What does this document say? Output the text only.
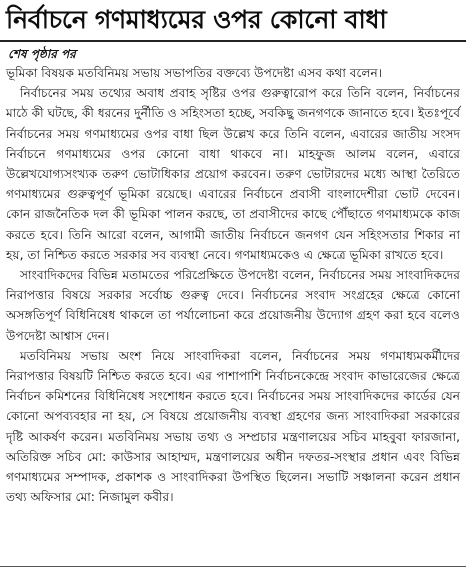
নির্বাচনে গণমাধ্যমের ওপর কোনো বাধা
শেষ পৃষ্ঠার পর

ভূমিকা বিষয়ক মতবিনিময় সভায় সভাপতির বক্তব্যে উপদেষ্টা এসব কথা বলেন।

নির্বাচনের সময় তথ্যের অবাধ প্রবাহ সৃষ্টির ওপর গুরুত্বারোপ করে তিনি বলেন, নির্বাচনের মাঠে কী ঘটছে, কী ধরনের দুর্নীতি ও সহিংসতা হচ্ছে, সবকিছু জনগণকে জানাতে হবে। ইতঃপূর্বে নির্বাচনের সময় গণমাধ্যমের ওপর বাধা ছিল উল্লেখ করে তিনি বলেন, এবারের জাতীয় সংসদ নির্বাচনে গণমাধ্যমের ওপর কোনো বাধা থাকবে না। মাহফুজ আলম বলেন, এবারে উল্লেখযোগ্যসংখ্যক তরুণ ভোটাধিকার প্রয়োগ করবেন। তরুণ ভোটারদের মধ্যে আস্থা তৈরিতে গণমাধ্যমের গুরুত্বপূর্ণ ভূমিকা রয়েছে। এবারের নির্বাচনে প্রবাসী বাংলাদেশীরা ভোট দেবেন। কোন রাজনৈতিক দল কী ভূমিকা পালন করছে, তা প্রবাসীদের কাছে পৌঁছাতে গণমাধ্যমকে কাজ করতে হবে। তিনি আরো বলেন, আগামী জাতীয় নির্বাচনে জনগণ যেন সহিংসতার শিকার না হয়, তা নিশ্চিত করতে সরকার সব ব্যবস্থা নেবে। গণমাধ্যমকেও এ ক্ষেত্রে ভূমিকা রাখতে হবে।

সাংবাদিকদের বিভিন্ন মতামতের পরিপ্রেক্ষিতে উপদেষ্টা বলেন, নির্বাচনের সময় সাংবাদিকদের নিরাপত্তার বিষয়ে সরকার সর্বোচ্চ গুরুত্ব দেবে। নির্বাচনের সংবাদ সংগ্রহের ক্ষেত্রে কোনো অসঙ্গতিপূর্ণ বিধিনিষেধ থাকলে তা পর্যালোচনা করে প্রয়োজনীয় উদ্যোগ গ্রহণ করা হবে বলেও উপদেষ্টা আশ্বাস দেন।

মতবিনিময় সভায় অংশ নিয়ে সাংবাদিকরা বলেন, নির্বাচনের সময় গণমাধ্যমকর্মীদের নিরাপত্তার বিষয়টি নিশ্চিত করতে হবে। এর পাশাপাশি নির্বাচনকেন্দ্রে সংবাদ কাভারেজের ক্ষেত্রে নির্বাচন কমিশনের বিধিনিষেধ সংশোধন করতে হবে। নির্বাচনের সময় সাংবাদিকদের কার্ডের যেন কোনো অপব্যবহার না হয়, সে বিষয়ে প্রয়োজনীয় ব্যবস্থা গ্রহণের জন্য সাংবাদিকরা সরকারের দৃষ্টি আকর্ষণ করেন। মতবিনিময় সভায় তথ্য ও সম্প্রচার মন্ত্রণালয়ের সচিব মাহবুবা ফারজানা, অতিরিক্ত সচিব মো: কাউসার আহাম্মদ, মন্ত্রণালয়ের অধীন দফতর-সংস্থার প্রধান এবং বিভিন্ন গণমাধ্যমের সম্পাদক, প্রকাশক ও সাংবাদিকরা উপস্থিত ছিলেন। সভাটি সঞ্চালনা করেন প্রধান তথ্য অফিসার মো: নিজামুল কবীর।
